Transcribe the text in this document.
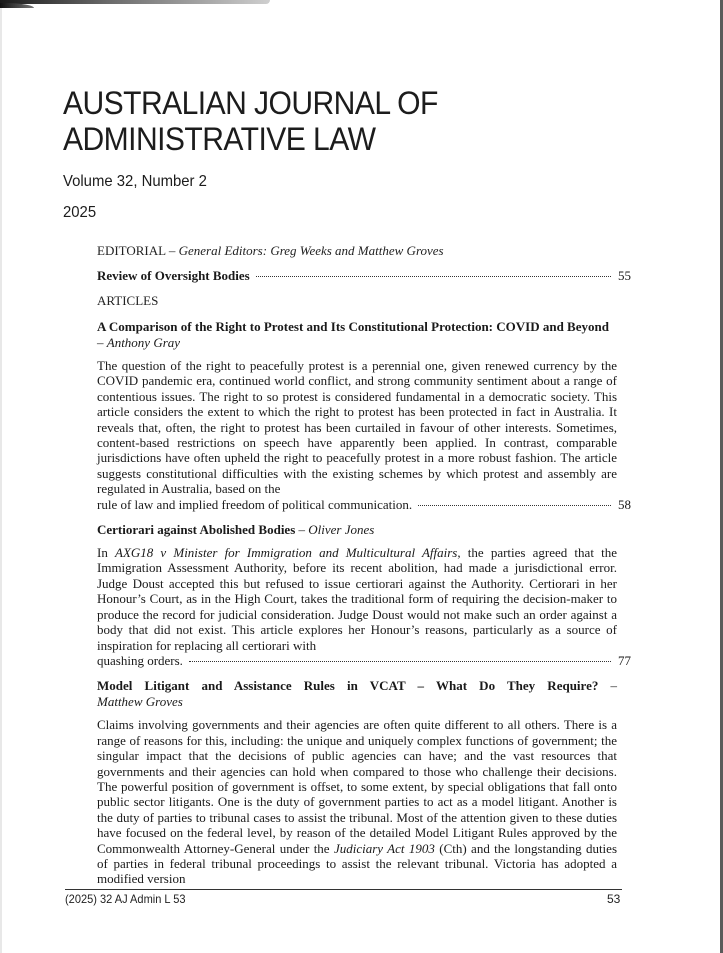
AUSTRALIAN JOURNAL OF
ADMINISTRATIVE LAW
Volume 32, Number 2
2025
EDITORIAL – General Editors: Greg Weeks and Matthew Groves
Review of Oversight Bodies	55
ARTICLES
A Comparison of the Right to Protest and Its Constitutional Protection: COVID and Beyond – Anthony Gray
The question of the right to peacefully protest is a perennial one, given renewed currency by the COVID pandemic era, continued world conflict, and strong community sentiment about a range of contentious issues. The right to so protest is considered fundamental in a democratic society. This article considers the extent to which the right to protest has been protected in fact in Australia. It reveals that, often, the right to protest has been curtailed in favour of other interests. Sometimes, content-based restrictions on speech have apparently been applied. In contrast, comparable jurisdictions have often upheld the right to peacefully protest in a more robust fashion. The article suggests constitutional difficulties with the existing schemes by which protest and assembly are regulated in Australia, based on the
rule of law and implied freedom of political communication.	58
Certiorari against Abolished Bodies – Oliver Jones
In AXG18 v Minister for Immigration and Multicultural Affairs, the parties agreed that the Immigration Assessment Authority, before its recent abolition, had made a jurisdictional error. Judge Doust accepted this but refused to issue certiorari against the Authority. Certiorari in her Honour’s Court, as in the High Court, takes the traditional form of requiring the decision-maker to produce the record for judicial consideration. Judge Doust would not make such an order against a body that did not exist. This article explores her Honour’s reasons, particularly as a source of inspiration for replacing all certiorari with
quashing orders.	77
Model Litigant and Assistance Rules in VCAT – What Do They Require? –
Matthew Groves
Claims involving governments and their agencies are often quite different to all others. There is a range of reasons for this, including: the unique and uniquely complex functions of government; the singular impact that the decisions of public agencies can have; and the vast resources that governments and their agencies can hold when compared to those who challenge their decisions. The powerful position of government is offset, to some extent, by special obligations that fall onto public sector litigants. One is the duty of government parties to act as a model litigant. Another is the duty of parties to tribunal cases to assist the tribunal. Most of the attention given to these duties have focused on the federal level, by reason of the detailed Model Litigant Rules approved by the Commonwealth Attorney-General under the Judiciary Act 1903 (Cth) and the longstanding duties of parties in federal tribunal proceedings to assist the relevant tribunal. Victoria has adopted a modified version
(2025) 32 AJ Admin L 53	53
